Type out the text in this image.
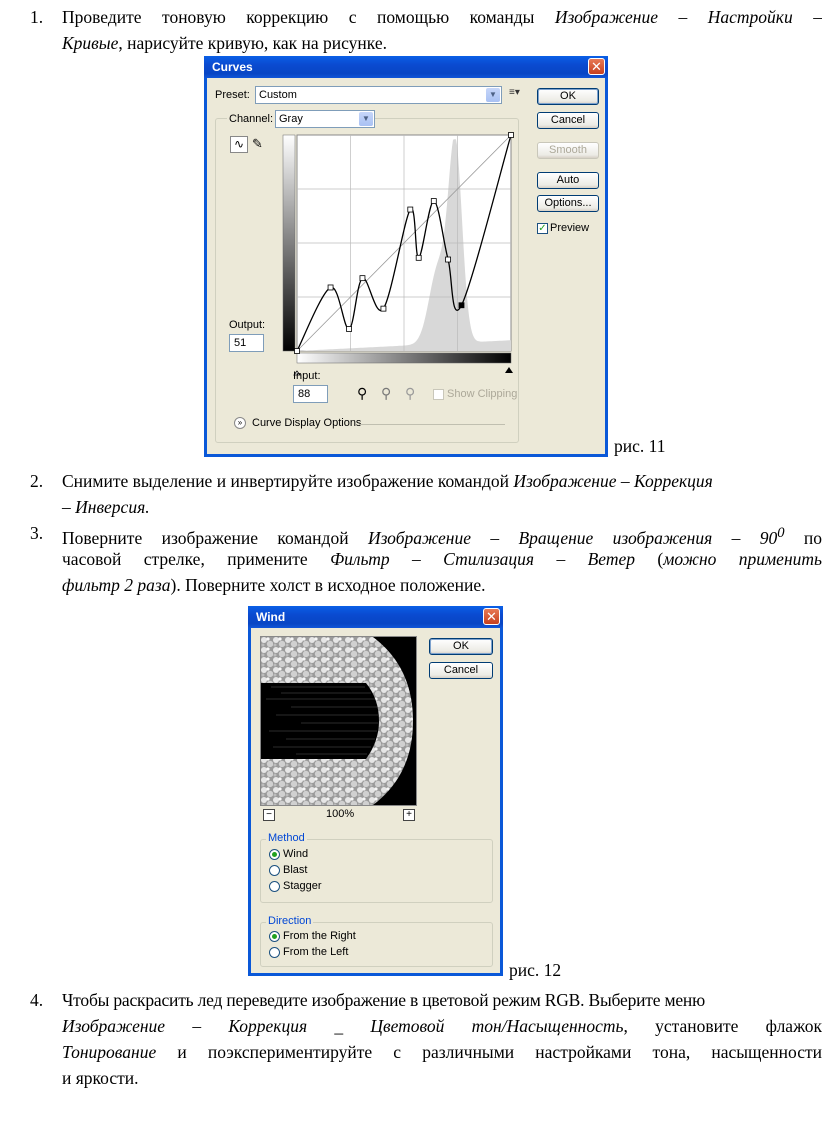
1. Проведите тоновую коррекцию с помощью команды Изображение – Настройки –
Кривые, нарисуйте кривую, как на рисунке.
Curves	✕
Preset: Custom	▼	≡▾	OK
Cancel
Smooth
Auto
Options...
✓ Preview
Channel: Gray	▼
∿ ✎
Output:
51
Input:
88	⚲ ⚲ ⚲	Show Clipping
» Curve Display Options
рис. 11
2. Снимите выделение и инвертируйте изображение командой Изображение – Коррекция
– Инверсия.
3. Поверните изображение командой Изображение – Вращение изображения – $90^0$ по
часовой стрелке, примените Фильтр – Стилизация – Ветер (можно применить
фильтр 2 раза). Поверните холст в исходное положение.
Wind	✕
−	100%	+
OK
Cancel
Method
Wind
Blast
Stagger
Direction
From the Right
From the Left
рис. 12
4. Чтобы раскрасить лед переведите изображение в цветовой режим RGB. Выберите меню
Изображение – Коррекция _ Цветовой тон/Насыщенность, установите флажок
Тонирование и поэкспериментируйте с различными настройками тона, насыщенности
и яркости.
